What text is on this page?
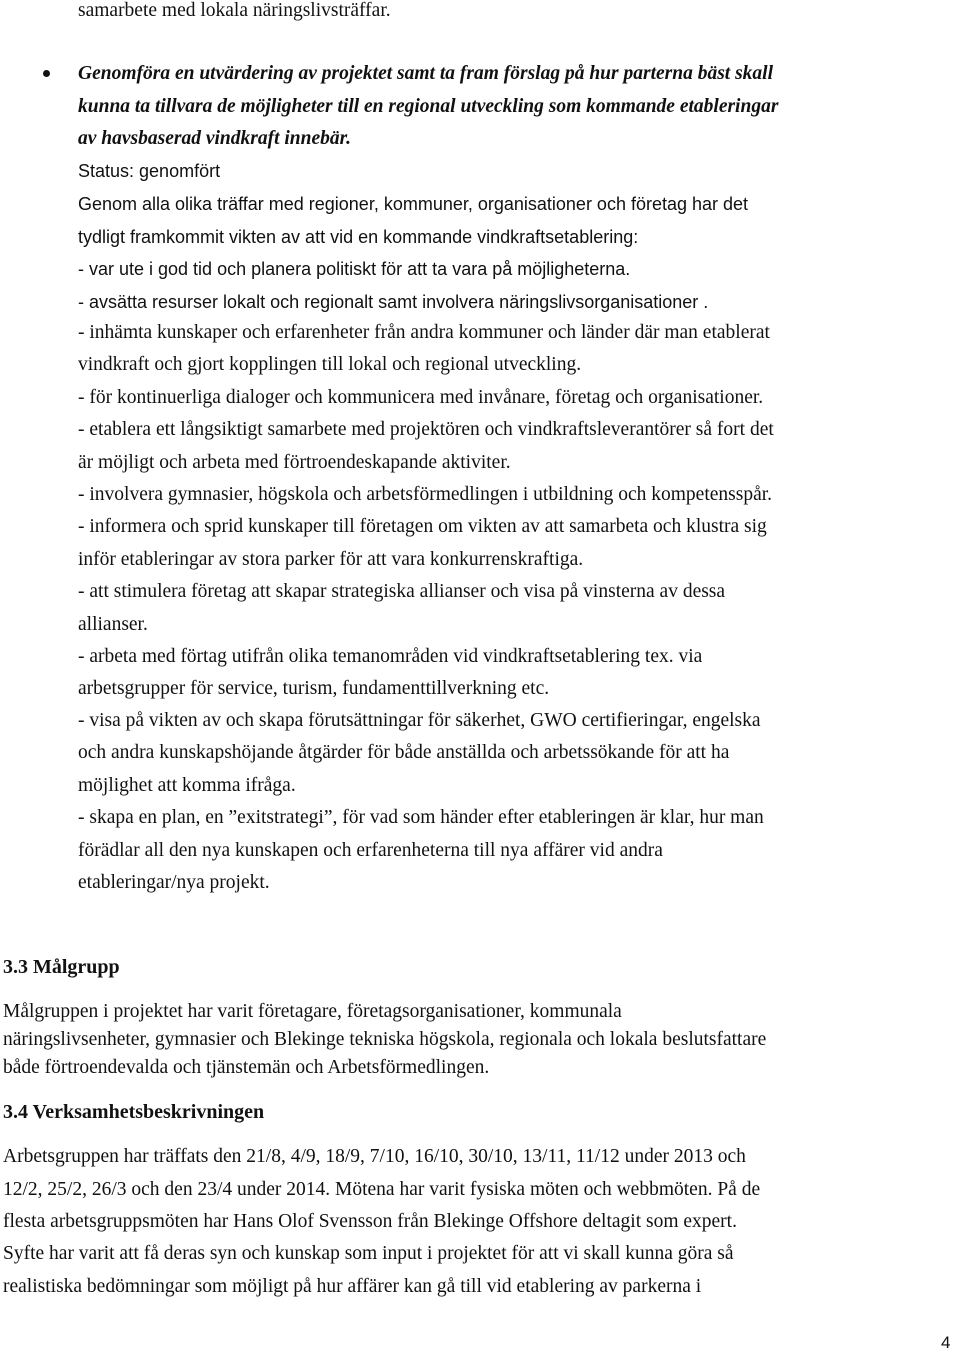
samarbete med lokala näringslivsträffar.
Genomföra en utvärdering av projektet samt ta fram förslag på hur parterna bäst skall
kunna ta tillvara de möjligheter till en regional utveckling som kommande etableringar
av havsbaserad vindkraft innebär.
Status: genomfört
Genom alla olika träffar med regioner, kommuner, organisationer och företag har det
tydligt framkommit vikten av att vid en kommande vindkraftsetablering:
- var ute i god tid och planera politiskt för att ta vara på möjligheterna.
- avsätta resurser lokalt och regionalt samt involvera näringslivsorganisationer .
- inhämta kunskaper och erfarenheter från andra kommuner och länder där man etablerat
vindkraft och gjort kopplingen till lokal och regional utveckling.
- för kontinuerliga dialoger och kommunicera med invånare, företag och organisationer.
- etablera ett långsiktigt samarbete med projektören och vindkraftsleverantörer så fort det
är möjligt och arbeta med förtroendeskapande aktiviter.
- involvera gymnasier, högskola och arbetsförmedlingen i utbildning och kompetensspår.
- informera och sprid kunskaper till företagen om vikten av att samarbeta och klustra sig
inför etableringar av stora parker för att vara konkurrenskraftiga.
- att stimulera företag att skapar strategiska allianser och visa på vinsterna av dessa
allianser.
- arbeta med förtag utifrån olika temanområden vid vindkraftsetablering tex. via
arbetsgrupper för service, turism, fundamenttillverkning etc.
- visa på vikten av och skapa förutsättningar för säkerhet, GWO certifieringar, engelska
och andra kunskapshöjande åtgärder för både anställda och arbetssökande för att ha
möjlighet att komma ifråga.
- skapa en plan, en ”exitstrategi”, för vad som händer efter etableringen är klar, hur man
förädlar all den nya kunskapen och erfarenheterna till nya affärer vid andra
etableringar/nya projekt.
3.3 Målgrupp
Målgruppen i projektet har varit företagare, företagsorganisationer, kommunala
näringslivsenheter, gymnasier och Blekinge tekniska högskola, regionala och lokala beslutsfattare
både förtroendevalda och tjänstemän och Arbetsförmedlingen.
3.4 Verksamhetsbeskrivningen
Arbetsgruppen har träffats den 21/8, 4/9, 18/9, 7/10, 16/10, 30/10, 13/11, 11/12 under 2013 och
12/2, 25/2, 26/3 och den 23/4 under 2014. Mötena har varit fysiska möten och webbmöten. På de
flesta arbetsgruppsmöten har Hans Olof Svensson från Blekinge Offshore deltagit som expert.
Syfte har varit att få deras syn och kunskap som input i projektet för att vi skall kunna göra så
realistiska bedömningar som möjligt på hur affärer kan gå till vid etablering av parkerna i
4
